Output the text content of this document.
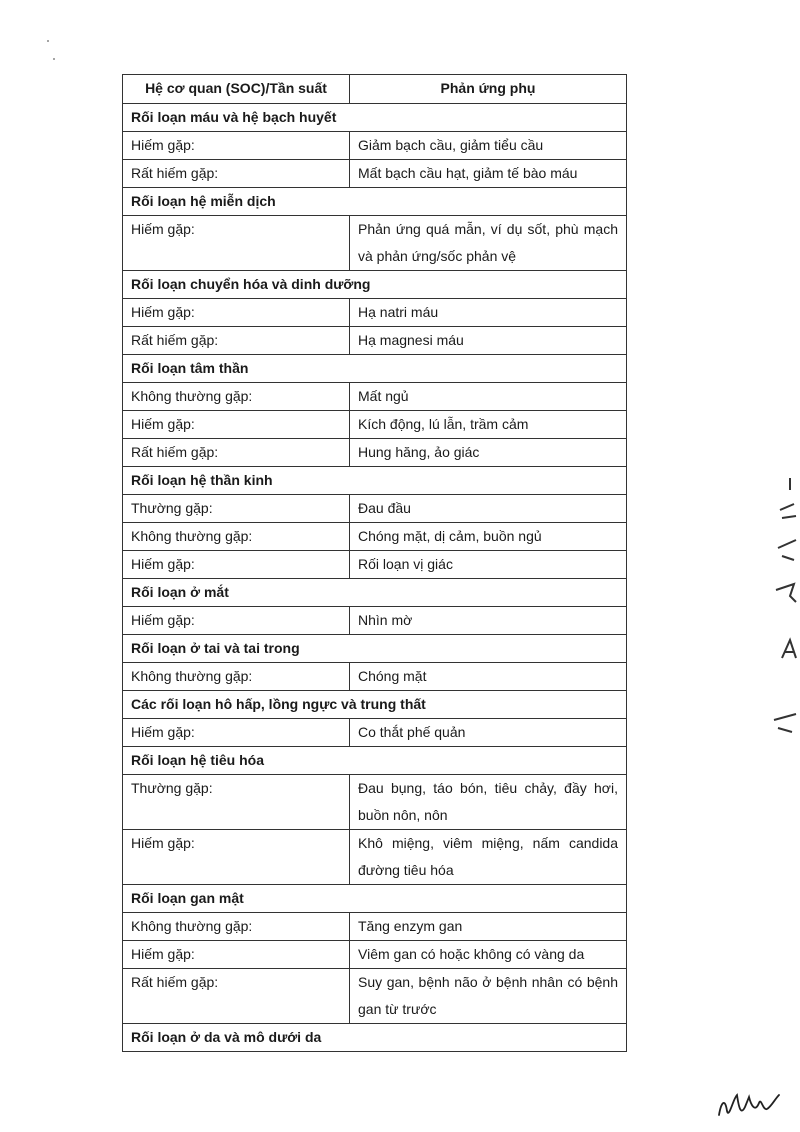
Hệ cơ quan (SOC)/Tần suất	Phản ứng phụ
Rối loạn máu và hệ bạch huyết	
Hiếm gặp:	Giảm bạch cầu, giảm tiểu cầu
Rất hiếm gặp:	Mất bạch cầu hạt, giảm tế bào máu
Rối loạn hệ miễn dịch	
Hiếm gặp:	Phản ứng quá mẫn, ví dụ sốt, phù mạch và phản ứng/sốc phản vệ
Rối loạn chuyển hóa và dinh dưỡng	
Hiếm gặp:	Hạ natri máu
Rất hiếm gặp:	Hạ magnesi máu
Rối loạn tâm thần	
Không thường gặp:	Mất ngủ
Hiếm gặp:	Kích động, lú lẫn, trầm cảm
Rất hiếm gặp:	Hung hăng, ảo giác
Rối loạn hệ thần kinh	
Thường gặp:	Đau đầu
Không thường gặp:	Chóng mặt, dị cảm, buồn ngủ
Hiếm gặp:	Rối loạn vị giác
Rối loạn ở mắt	
Hiếm gặp:	Nhìn mờ
Rối loạn ở tai và tai trong	
Không thường gặp:	Chóng mặt
Các rối loạn hô hấp, lồng ngực và trung thất	
Hiếm gặp:	Co thắt phế quản
Rối loạn hệ tiêu hóa	
Thường gặp:	Đau bụng, táo bón, tiêu chảy, đầy hơi, buồn nôn, nôn
Hiếm gặp:	Khô miệng, viêm miệng, nấm candida đường tiêu hóa
Rối loạn gan mật	
Không thường gặp:	Tăng enzym gan
Hiếm gặp:	Viêm gan có hoặc không có vàng da
Rất hiếm gặp:	Suy gan, bệnh não ở bệnh nhân có bệnh gan từ trước
Rối loạn ở da và mô dưới da	
